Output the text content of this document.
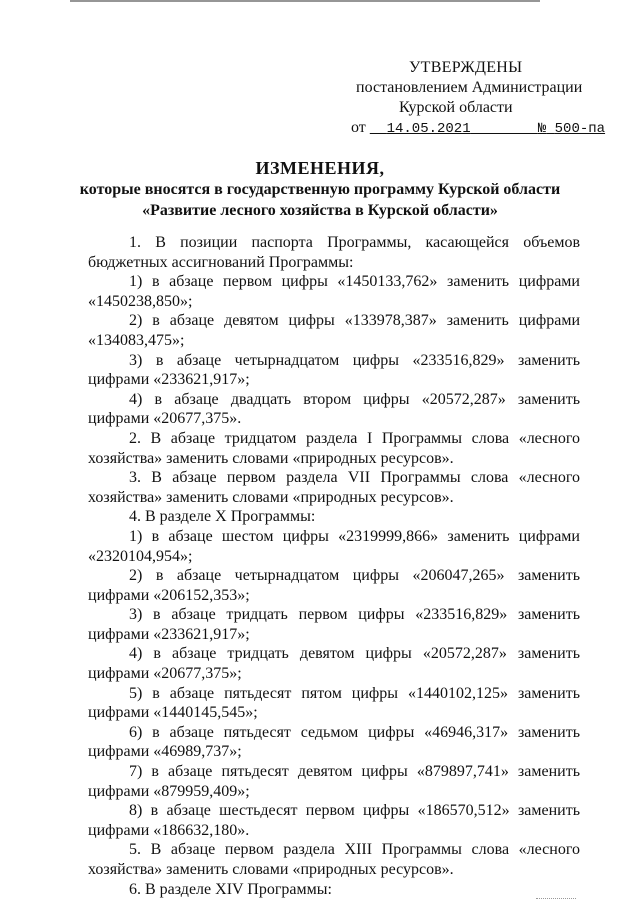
УТВЕРЖДЕНЫ
постановлением Администрации
Курской области
от 14.05.2021	№ 500-па
ИЗМЕНЕНИЯ,
которые вносятся в государственную программу Курской области
«Развитие лесного хозяйства в Курской области»

1. В позиции паспорта Программы, касающейся объемов бюджетных ассигнований Программы:

1) в абзаце первом цифры «1450133,762» заменить цифрами «1450238,850»;

2) в абзаце девятом цифры «133978,387» заменить цифрами «134083,475»;

3) в абзаце четырнадцатом цифры «233516,829» заменить цифрами «233621,917»;

4) в абзаце двадцать втором цифры «20572,287» заменить цифрами «20677,375».

2. В абзаце тридцатом раздела I Программы слова «лесного хозяйства» заменить словами «природных ресурсов».

3. В абзаце первом раздела VII Программы слова «лесного хозяйства» заменить словами «природных ресурсов».

4. В разделе X Программы:

1) в абзаце шестом цифры «2319999,866» заменить цифрами «2320104,954»;

2) в абзаце четырнадцатом цифры «206047,265» заменить цифрами «206152,353»;

3) в абзаце тридцать первом цифры «233516,829» заменить цифрами «233621,917»;

4) в абзаце тридцать девятом цифры «20572,287» заменить цифрами «20677,375»;

5) в абзаце пятьдесят пятом цифры «1440102,125» заменить цифрами «1440145,545»;

6) в абзаце пятьдесят седьмом цифры «46946,317» заменить цифрами «46989,737»;

7) в абзаце пятьдесят девятом цифры «879897,741» заменить цифрами «879959,409»;

8) в абзаце шестьдесят первом цифры «186570,512» заменить цифрами «186632,180».

5. В абзаце первом раздела XIII Программы слова «лесного хозяйства» заменить словами «природных ресурсов».

6. В разделе XIV Программы:
